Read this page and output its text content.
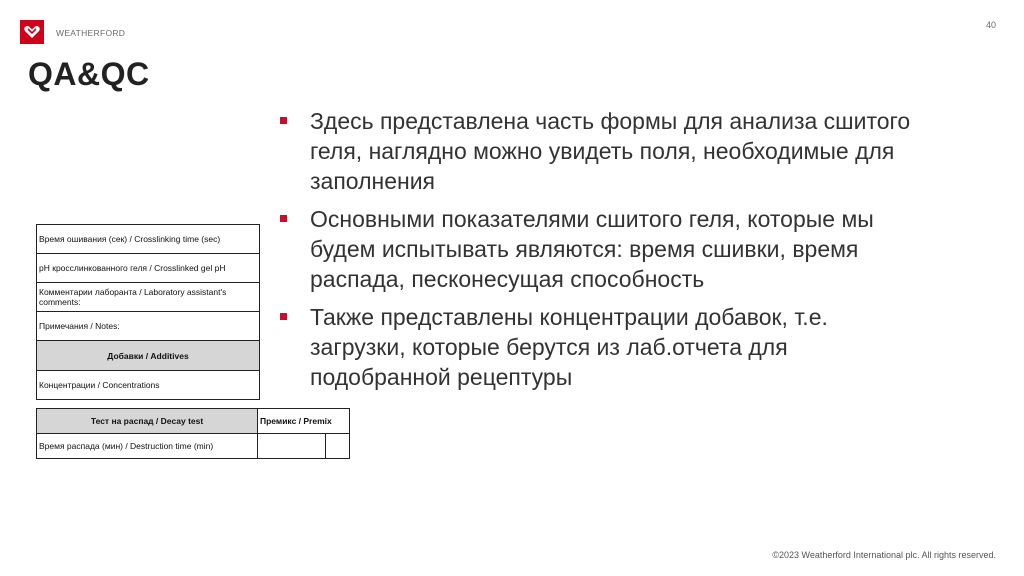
WEATHERFORD
40
QA&QC
Здесь представлена часть формы для анализа сшитого геля, наглядно можно увидеть поля, необходимые для заполнения
Основными показателями сшитого геля, которые мы будем испытывать являются: время сшивки, время распада, песконесущая способность
Также представлены концентрации добавок, т.е. загрузки, которые берутся из лаб.отчета для подобранной рецептуры
Время ошивания (сек) / Crosslinking time (sec)
pH кросслинкованного геля / Crosslinked gel pH
Комментарии лаборанта / Laboratory assistant's comments:
Примечания / Notes:
Добавки / Additives
Концентрации / Concentrations
Тест на распад / Decay test	Премикс / Premix	
Время распада (мин) / Destruction time (min)		
©2023 Weatherford International plc. All rights reserved.
